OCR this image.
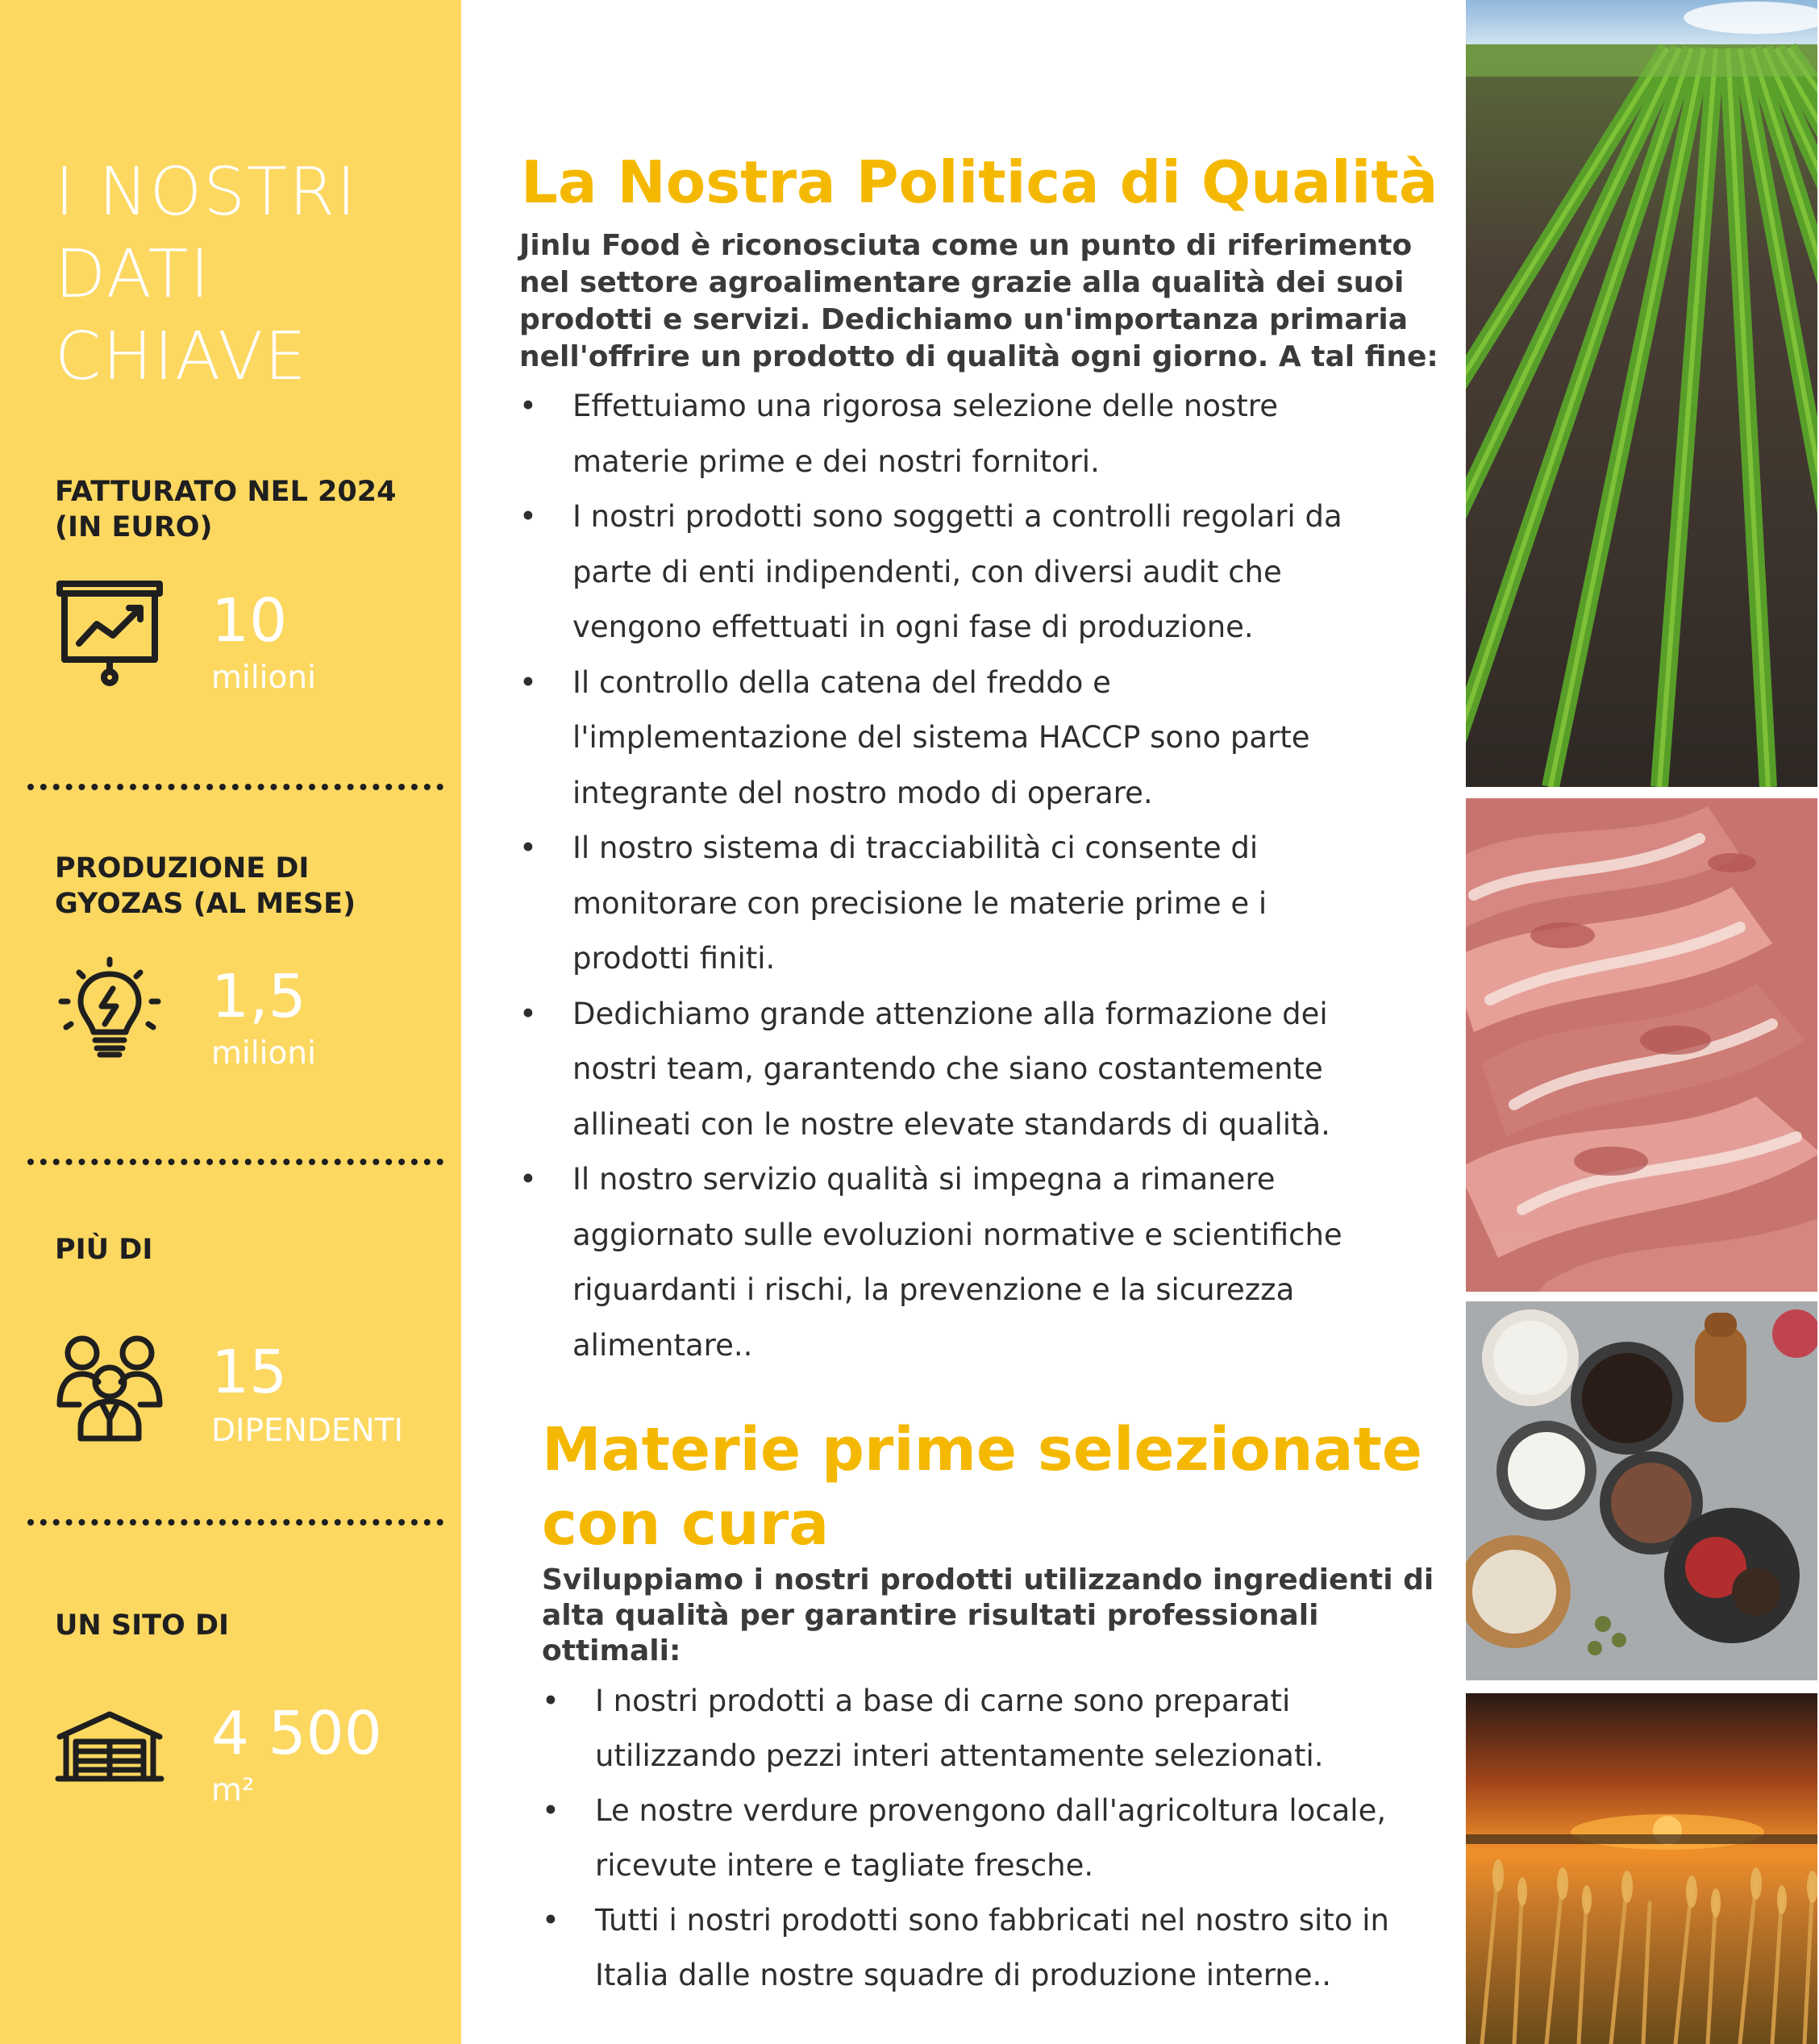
I NOSTRI
DATI
CHIAVE
FATTURATO NEL 2024
(IN EURO)
10
milioni
PRODUZIONE DI
GYOZAS (AL MESE)
1,5
milioni
PIÙ DI
15
DIPENDENTI
UN SITO DI
4 500
m²
La Nostra Politica di Qualità
Jinlu Food è riconosciuta come un punto di riferimento
nel settore agroalimentare grazie alla qualità dei suoi
prodotti e servizi. Dedichiamo un'importanza primaria
nell'offrire un prodotto di qualità ogni giorno. A tal fine:
• Effettuiamo una rigorosa selezione delle nostre
materie prime e dei nostri fornitori.
• I nostri prodotti sono soggetti a controlli regolari da
parte di enti indipendenti, con diversi audit che
vengono effettuati in ogni fase di produzione.
• Il controllo della catena del freddo e
l'implementazione del sistema HACCP sono parte
integrante del nostro modo di operare.
• Il nostro sistema di tracciabilità ci consente di
monitorare con precisione le materie prime e i
prodotti finiti.
• Dedichiamo grande attenzione alla formazione dei
nostri team, garantendo che siano costantemente
allineati con le nostre elevate standards di qualità.
• Il nostro servizio qualità si impegna a rimanere
aggiornato sulle evoluzioni normative e scientifiche
riguardanti i rischi, la prevenzione e la sicurezza
alimentare..
Materie prime selezionate
con cura
Sviluppiamo i nostri prodotti utilizzando ingredienti di
alta qualità per garantire risultati professionali
ottimali:
• I nostri prodotti a base di carne sono preparati
utilizzando pezzi interi attentamente selezionati.
• Le nostre verdure provengono dall'agricoltura locale,
ricevute intere e tagliate fresche.
• Tutti i nostri prodotti sono fabbricati nel nostro sito in
Italia dalle nostre squadre di produzione interne..
